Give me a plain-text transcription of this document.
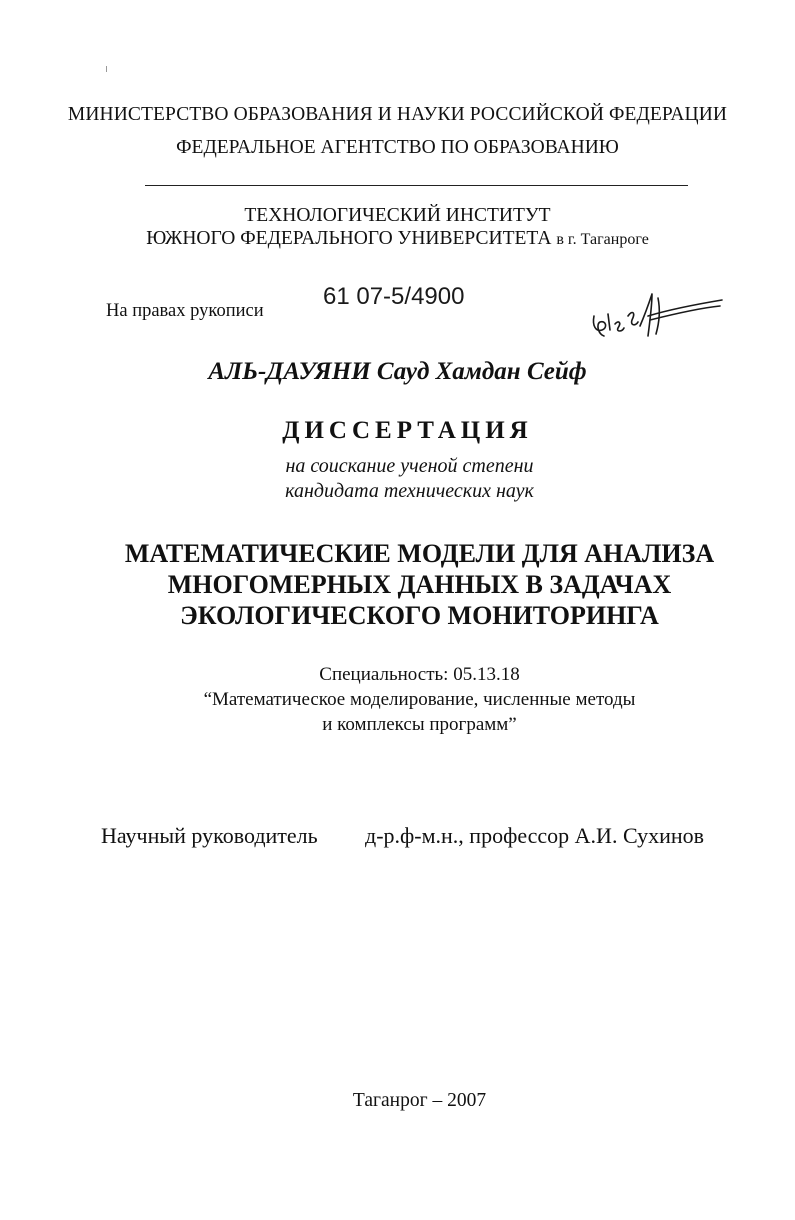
МИНИСТЕРСТВО ОБРАЗОВАНИЯ И НАУКИ РОССИЙСКОЙ ФЕДЕРАЦИИ
ФЕДЕРАЛЬНОЕ АГЕНТСТВО ПО ОБРАЗОВАНИЮ
ТЕХНОЛОГИЧЕСКИЙ ИНСТИТУТ
ЮЖНОГО ФЕДЕРАЛЬНОГО УНИВЕРСИТЕТА в г. Таганроге
На правах рукописи
61 07-5/4900
АЛЬ-ДАУЯНИ Сауд Хамдан Сейф
ДИССЕРТАЦИЯ
на соискание ученой степени
кандидата технических наук
МАТЕМАТИЧЕСКИЕ МОДЕЛИ ДЛЯ АНАЛИЗА
МНОГОМЕРНЫХ ДАННЫХ В ЗАДАЧАХ
ЭКОЛОГИЧЕСКОГО МОНИТОРИНГА
Специальность: 05.13.18
“Математическое моделирование, численные методы
и комплексы программ”
Научный руководитель д-р.ф-м.н., профессор А.И. Сухинов
Таганрог – 2007
